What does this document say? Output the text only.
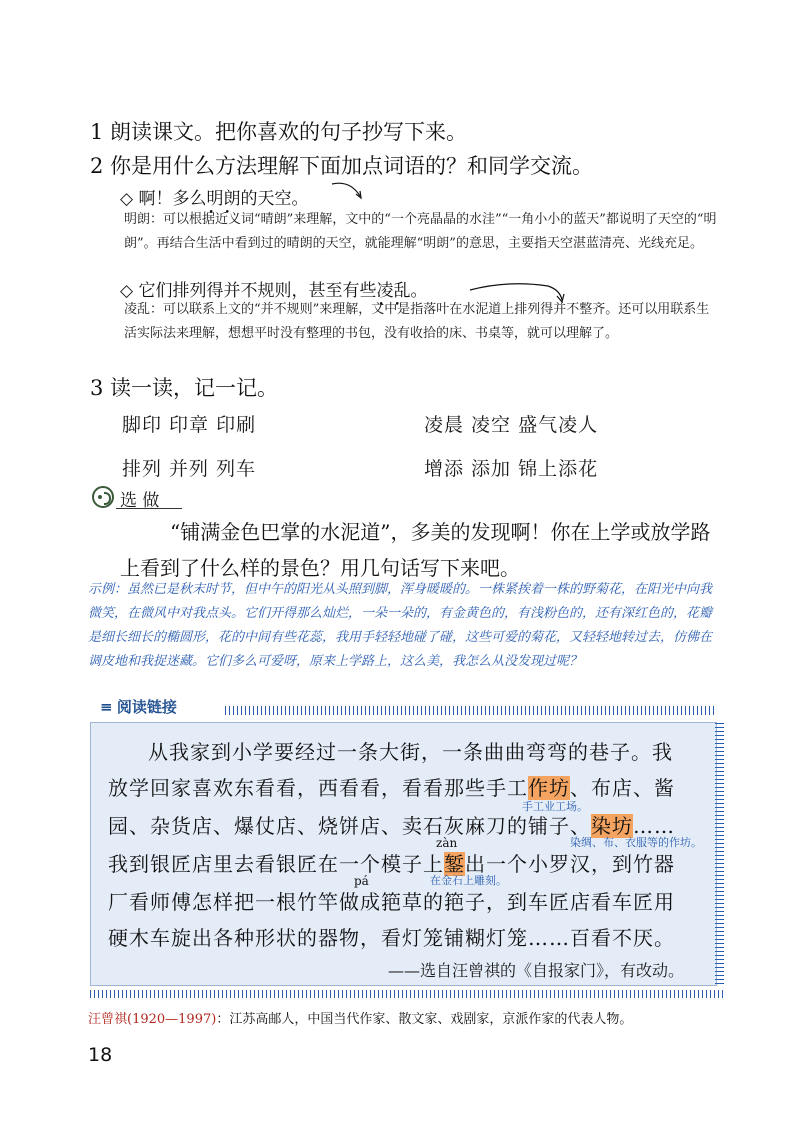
1 朗读课文。把你喜欢的句子抄写下来。
2 你是用什么方法理解下面加点词语的？和同学交流。
◇ 啊！多么明朗 • •的天空。
明朗：可以根据近义词“晴朗”来理解，文中的“一个亮晶晶的水洼”“一角小小的蓝天”都说明了天空的“明朗”。再结合生活中看到过的晴朗的天空，就能理解“明朗”的意思，主要指天空湛蓝清亮、光线充足。
◇ 它们排列得并不规则，甚至有些凌乱 • •。
凌乱：可以联系上文的“并不规则”来理解，文中是指落叶在水泥道上排列得并不整齐。还可以用联系生活实际法来理解，想想平时没有整理的书包，没有收拾的床、书桌等，就可以理解了。
3 读一读，记一记。
脚印 印章 印刷	凌晨 凌空 盛气凌人
排列 并列 列车	增添 添加 锦上添花
选 做
“铺满金色巴掌的水泥道”，多美的发现啊！你在上学或放学路上看到了什么样的景色？用几句话写下来吧。
示例：虽然已是秋末时节，但中午的阳光从头照到脚，浑身暖暖的。一株紧挨着一株的野菊花，在阳光中向我微笑，在微风中对我点头。它们开得那么灿烂，一朵一朵的，有金黄色的，有浅粉色的，还有深红色的，花瓣是细长细长的椭圆形，花的中间有些花蕊，我用手轻轻地碰了碰，这些可爱的菊花，又轻轻地转过去，仿佛在调皮地和我捉迷藏。它们多么可爱呀，原来上学路上，这么美，我怎么从没发现过呢？
≡ 阅读链接
从我家到小学要经过一条大街，一条曲曲弯弯的巷子。我
放学回家喜欢东看看，西看看，看看那些手工作坊、布店、酱
手工业工场。
园、杂货店、爆仗店、烧饼店、卖石灰麻刀的铺子、染坊……
染绸、布、衣服等的作坊。
zàn
我到银匠店里去看银匠在一个模子上錾出一个小罗汉，到竹器
在金石上雕刻。
pá
厂看师傅怎样把一根竹竿做成筢草的筢子，到车匠店看车匠用
硬木车旋出各种形状的器物，看灯笼铺糊灯笼……百看不厌。
——选自汪曾祺的《自报家门》，有改动。
汪曾祺(1920—1997)：江苏高邮人，中国当代作家、散文家、戏剧家，京派作家的代表人物。
18
